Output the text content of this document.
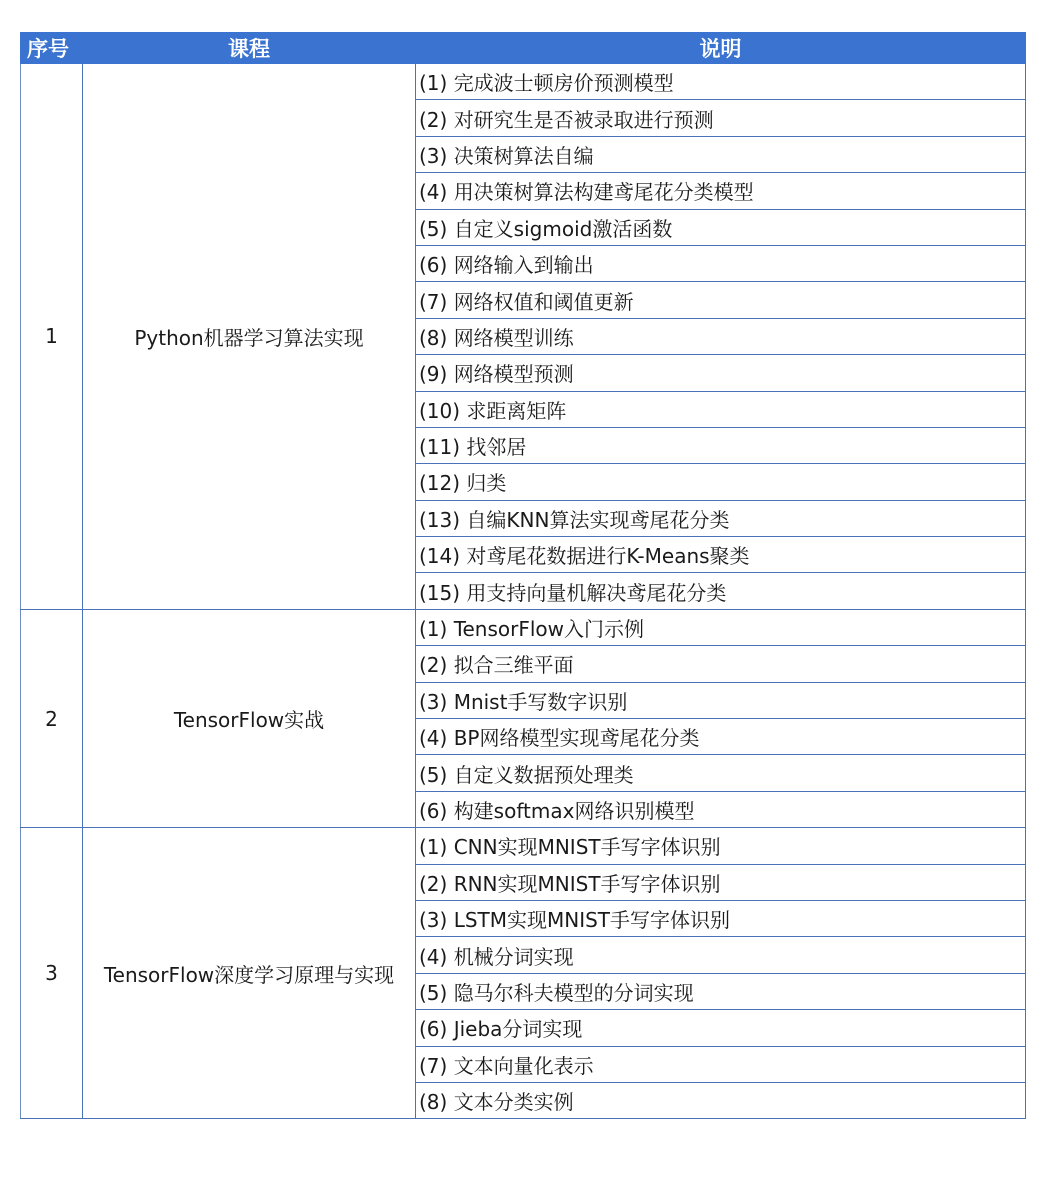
序号	课程	说明
1	Python机器学习算法实现	(1) 完成波士顿房价预测模型
		(2) 对研究生是否被录取进行预测
		(3) 决策树算法自编
		(4) 用决策树算法构建鸢尾花分类模型
		(5) 自定义sigmoid激活函数
		(6) 网络输入到输出
		(7) 网络权值和阈值更新
		(8) 网络模型训练
		(9) 网络模型预测
		(10) 求距离矩阵
		(11) 找邻居
		(12) 归类
		(13) 自编KNN算法实现鸢尾花分类
		(14) 对鸢尾花数据进行K-Means聚类
		(15) 用支持向量机解决鸢尾花分类
2	TensorFlow实战	(1) TensorFlow入门示例
		(2) 拟合三维平面
		(3) Mnist手写数字识别
		(4) BP网络模型实现鸢尾花分类
		(5) 自定义数据预处理类
		(6) 构建softmax网络识别模型
3	TensorFlow深度学习原理与实现	(1) CNN实现MNIST手写字体识别
		(2) RNN实现MNIST手写字体识别
		(3) LSTM实现MNIST手写字体识别
		(4) 机械分词实现
		(5) 隐马尔科夫模型的分词实现
		(6) Jieba分词实现
		(7) 文本向量化表示
		(8) 文本分类实例
